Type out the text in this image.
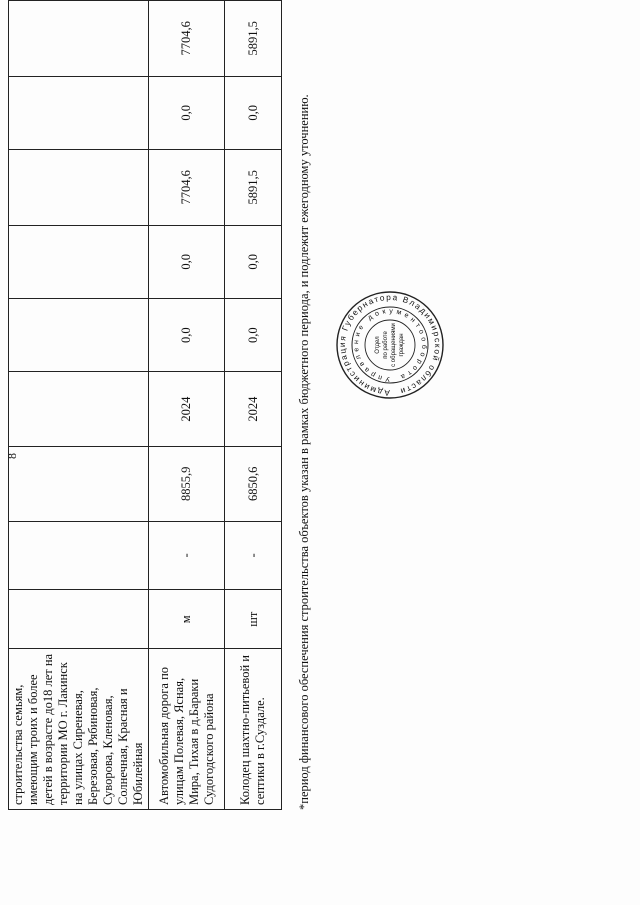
8
строительства семьям, имеющим троих и более детей в возрасте до18 лет на территории МО г. Лакинск на улицах Сиреневая, Березовая, Рябиновая, Суворова, Кленовая, Солнечная, Красная и Юбилейная									
Автомобильная дорога по улицам Полевая, Ясная, Мира, Тихая в д.Бараки Судогодского района	м	-	8855,9	2024	0,0	0,0	7704,6	0,0	7704,6
Колодец шахтно-питьевой и септики в г.Суздале.	шт	-	6850,6	2024	0,0	0,0	5891,5	0,0	5891,5
*период финансового обеспечения строительства объектов указан в рамках бюджетного периода, и подлежит ежегодному уточнению.	Администрация Губернатора Владимирской области
Управление документооборота
Отдел по работе с обращениями граждан
